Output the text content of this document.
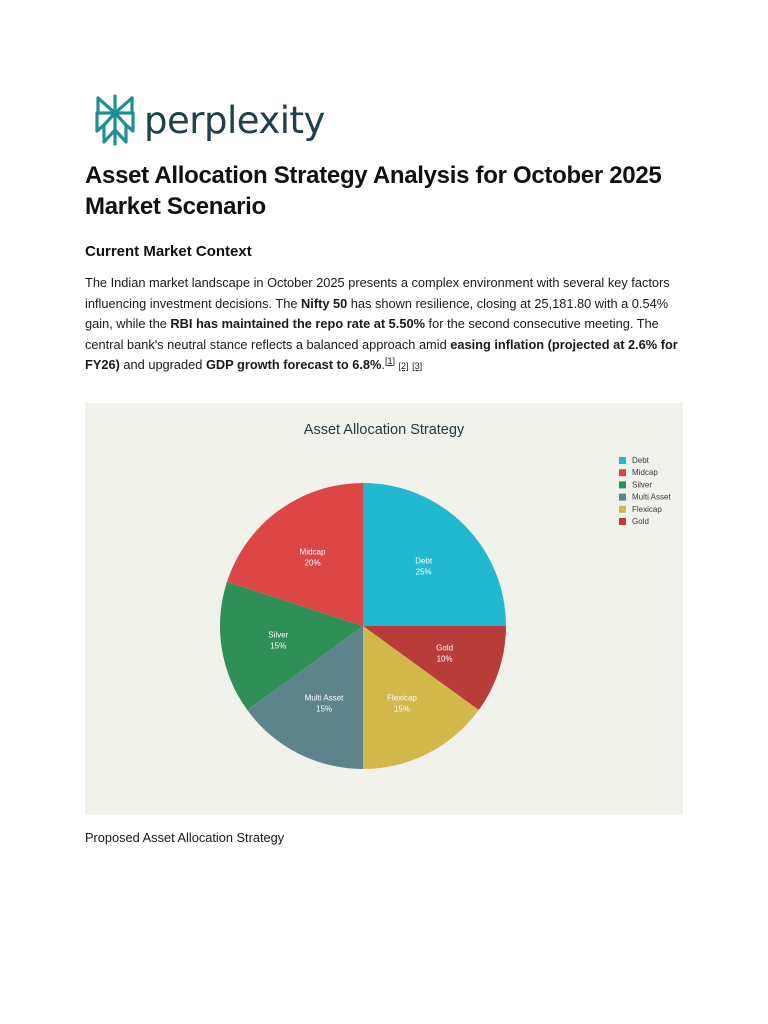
perplexity
Asset Allocation Strategy Analysis for October 2025 Market Scenario
Current Market Context

The Indian market landscape in October 2025 presents a complex environment with several key factors influencing investment decisions. The Nifty 50 has shown resilience, closing at 25,181.80 with a 0.54% gain, while the RBI has maintained the repo rate at 5.50% for the second consecutive meeting. The central bank's neutral stance reflects a balanced approach amid easing inflation (projected at 2.6% for FY26) and upgraded GDP growth forecast to 6.8%.[1] [2] [3]

Asset Allocation Strategy
Debt
25%
Gold
10%
Flexicap
15%
Multi Asset
15%
Silver
15%
Midcap
20%
Debt
Midcap
Silver
Multi Asset
Flexicap
Gold
Proposed Asset Allocation Strategy
